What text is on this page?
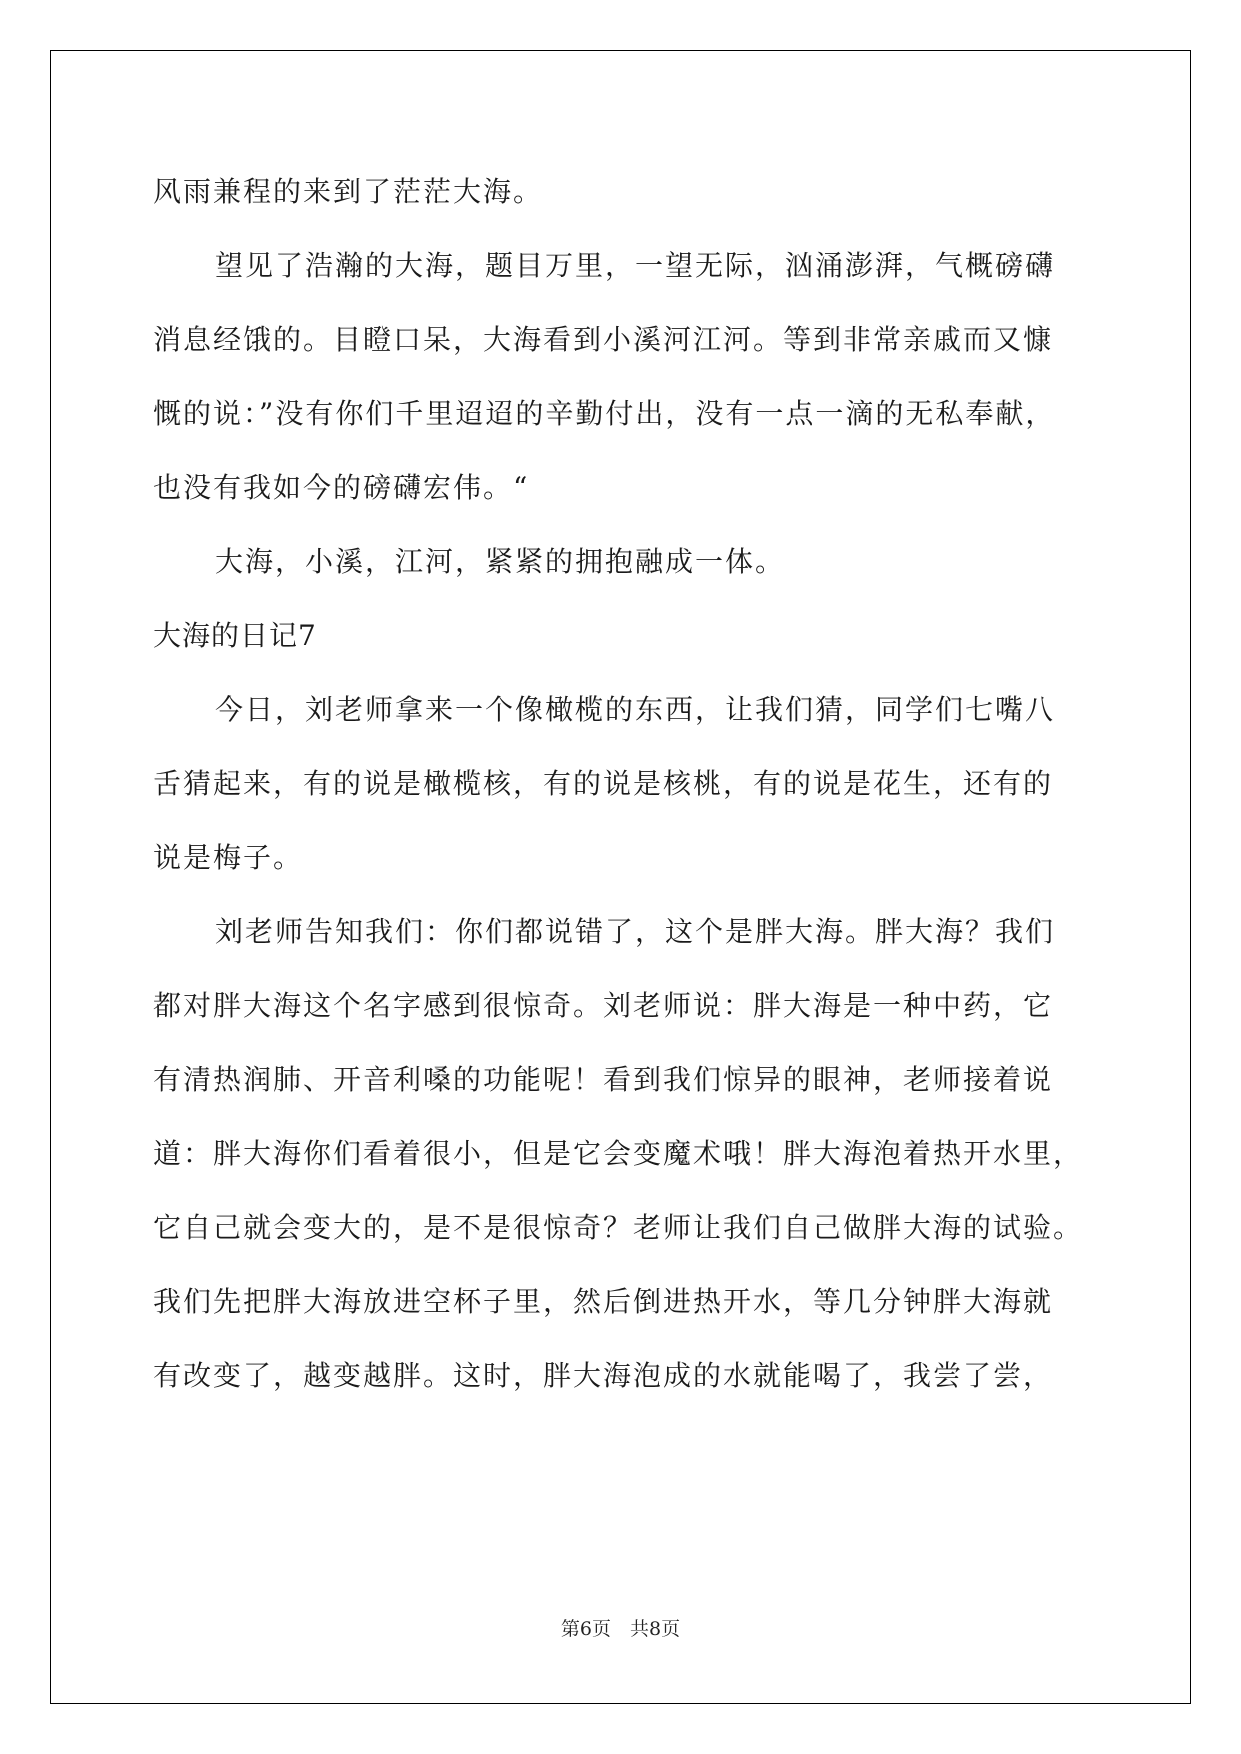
风雨兼程的来到了茫茫大海。
望见了浩瀚的大海，题目万里，一望无际，汹涌澎湃，气概磅礴
消息经饿的。目瞪口呆，大海看到小溪河江河。等到非常亲戚而又慷
慨的说：”没有你们千里迢迢的辛勤付出，没有一点一滴的无私奉献，
也没有我如今的磅礴宏伟。“
大海，小溪，江河，紧紧的拥抱融成一体。
大海的日记7
今日，刘老师拿来一个像橄榄的东西，让我们猜，同学们七嘴八
舌猜起来，有的说是橄榄核，有的说是核桃，有的说是花生，还有的
说是梅子。
刘老师告知我们：你们都说错了，这个是胖大海。胖大海？我们
都对胖大海这个名字感到很惊奇。刘老师说：胖大海是一种中药，它
有清热润肺、开音利嗓的功能呢！看到我们惊异的眼神，老师接着说
道：胖大海你们看着很小，但是它会变魔术哦！胖大海泡着热开水里，
它自己就会变大的，是不是很惊奇？老师让我们自己做胖大海的试验。
我们先把胖大海放进空杯子里，然后倒进热开水，等几分钟胖大海就
有改变了，越变越胖。这时，胖大海泡成的水就能喝了，我尝了尝，
第6页　共8页
